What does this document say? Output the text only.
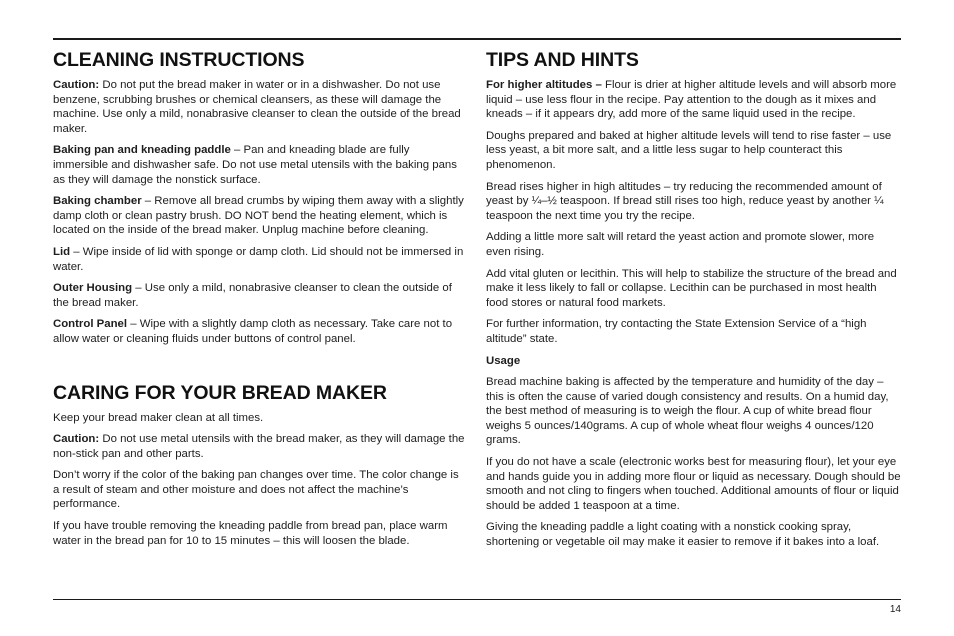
CLEANING INSTRUCTIONS

Caution: Do not put the bread maker in water or in a dishwasher. Do not use benzene, scrubbing brushes or chemical cleansers, as these will damage the machine. Use only a mild, nonabrasive cleanser to clean the outside of the bread maker.

Baking pan and kneading paddle – Pan and kneading blade are fully immersible and dishwasher safe. Do not use metal utensils with the baking pans as they will damage the nonstick surface.

Baking chamber – Remove all bread crumbs by wiping them away with a slightly damp cloth or clean pastry brush. DO NOT bend the heating element, which is located on the inside of the bread maker. Unplug machine before cleaning.

Lid – Wipe inside of lid with sponge or damp cloth. Lid should not be immersed in water.

Outer Housing – Use only a mild, nonabrasive cleanser to clean the outside of the bread maker.

Control Panel – Wipe with a slightly damp cloth as necessary. Take care not to allow water or cleaning fluids under buttons of control panel.

CARING FOR YOUR BREAD MAKER

Keep your bread maker clean at all times.

Caution: Do not use metal utensils with the bread maker, as they will damage the non-stick pan and other parts.

Don’t worry if the color of the baking pan changes over time. The color change is a result of steam and other moisture and does not affect the machine’s performance.

If you have trouble removing the kneading paddle from bread pan, place warm water in the bread pan for 10 to 15 minutes – this will loosen the blade.

TIPS AND HINTS

For higher altitudes – Flour is drier at higher altitude levels and will absorb more liquid – use less flour in the recipe. Pay attention to the dough as it mixes and kneads – if it appears dry, add more of the same liquid used in the recipe.

Doughs prepared and baked at higher altitude levels will tend to rise faster – use less yeast, a bit more salt, and a little less sugar to help counteract this phenomenon.

Bread rises higher in high altitudes – try reducing the recommended amount of yeast by ¼–½ teaspoon. If bread still rises too high, reduce yeast by another ¼ teaspoon the next time you try the recipe.

Adding a little more salt will retard the yeast action and promote slower, more even rising.

Add vital gluten or lecithin. This will help to stabilize the structure of the bread and make it less likely to fall or collapse. Lecithin can be purchased in most health food stores or natural food markets.

For further information, try contacting the State Extension Service of a “high altitude” state.

Usage

Bread machine baking is affected by the temperature and humidity of the day – this is often the cause of varied dough consistency and results. On a humid day, the best method of measuring is to weigh the flour. A cup of white bread flour weighs 5 ounces/140grams. A cup of whole wheat flour weighs 4 ounces/120 grams.

If you do not have a scale (electronic works best for measuring flour), let your eye and hands guide you in adding more flour or liquid as necessary. Dough should be smooth and not cling to fingers when touched. Additional amounts of flour or liquid should be added 1 teaspoon at a time.

Giving the kneading paddle a light coating with a nonstick cooking spray, shortening or vegetable oil may make it easier to remove if it bakes into a loaf.

14
